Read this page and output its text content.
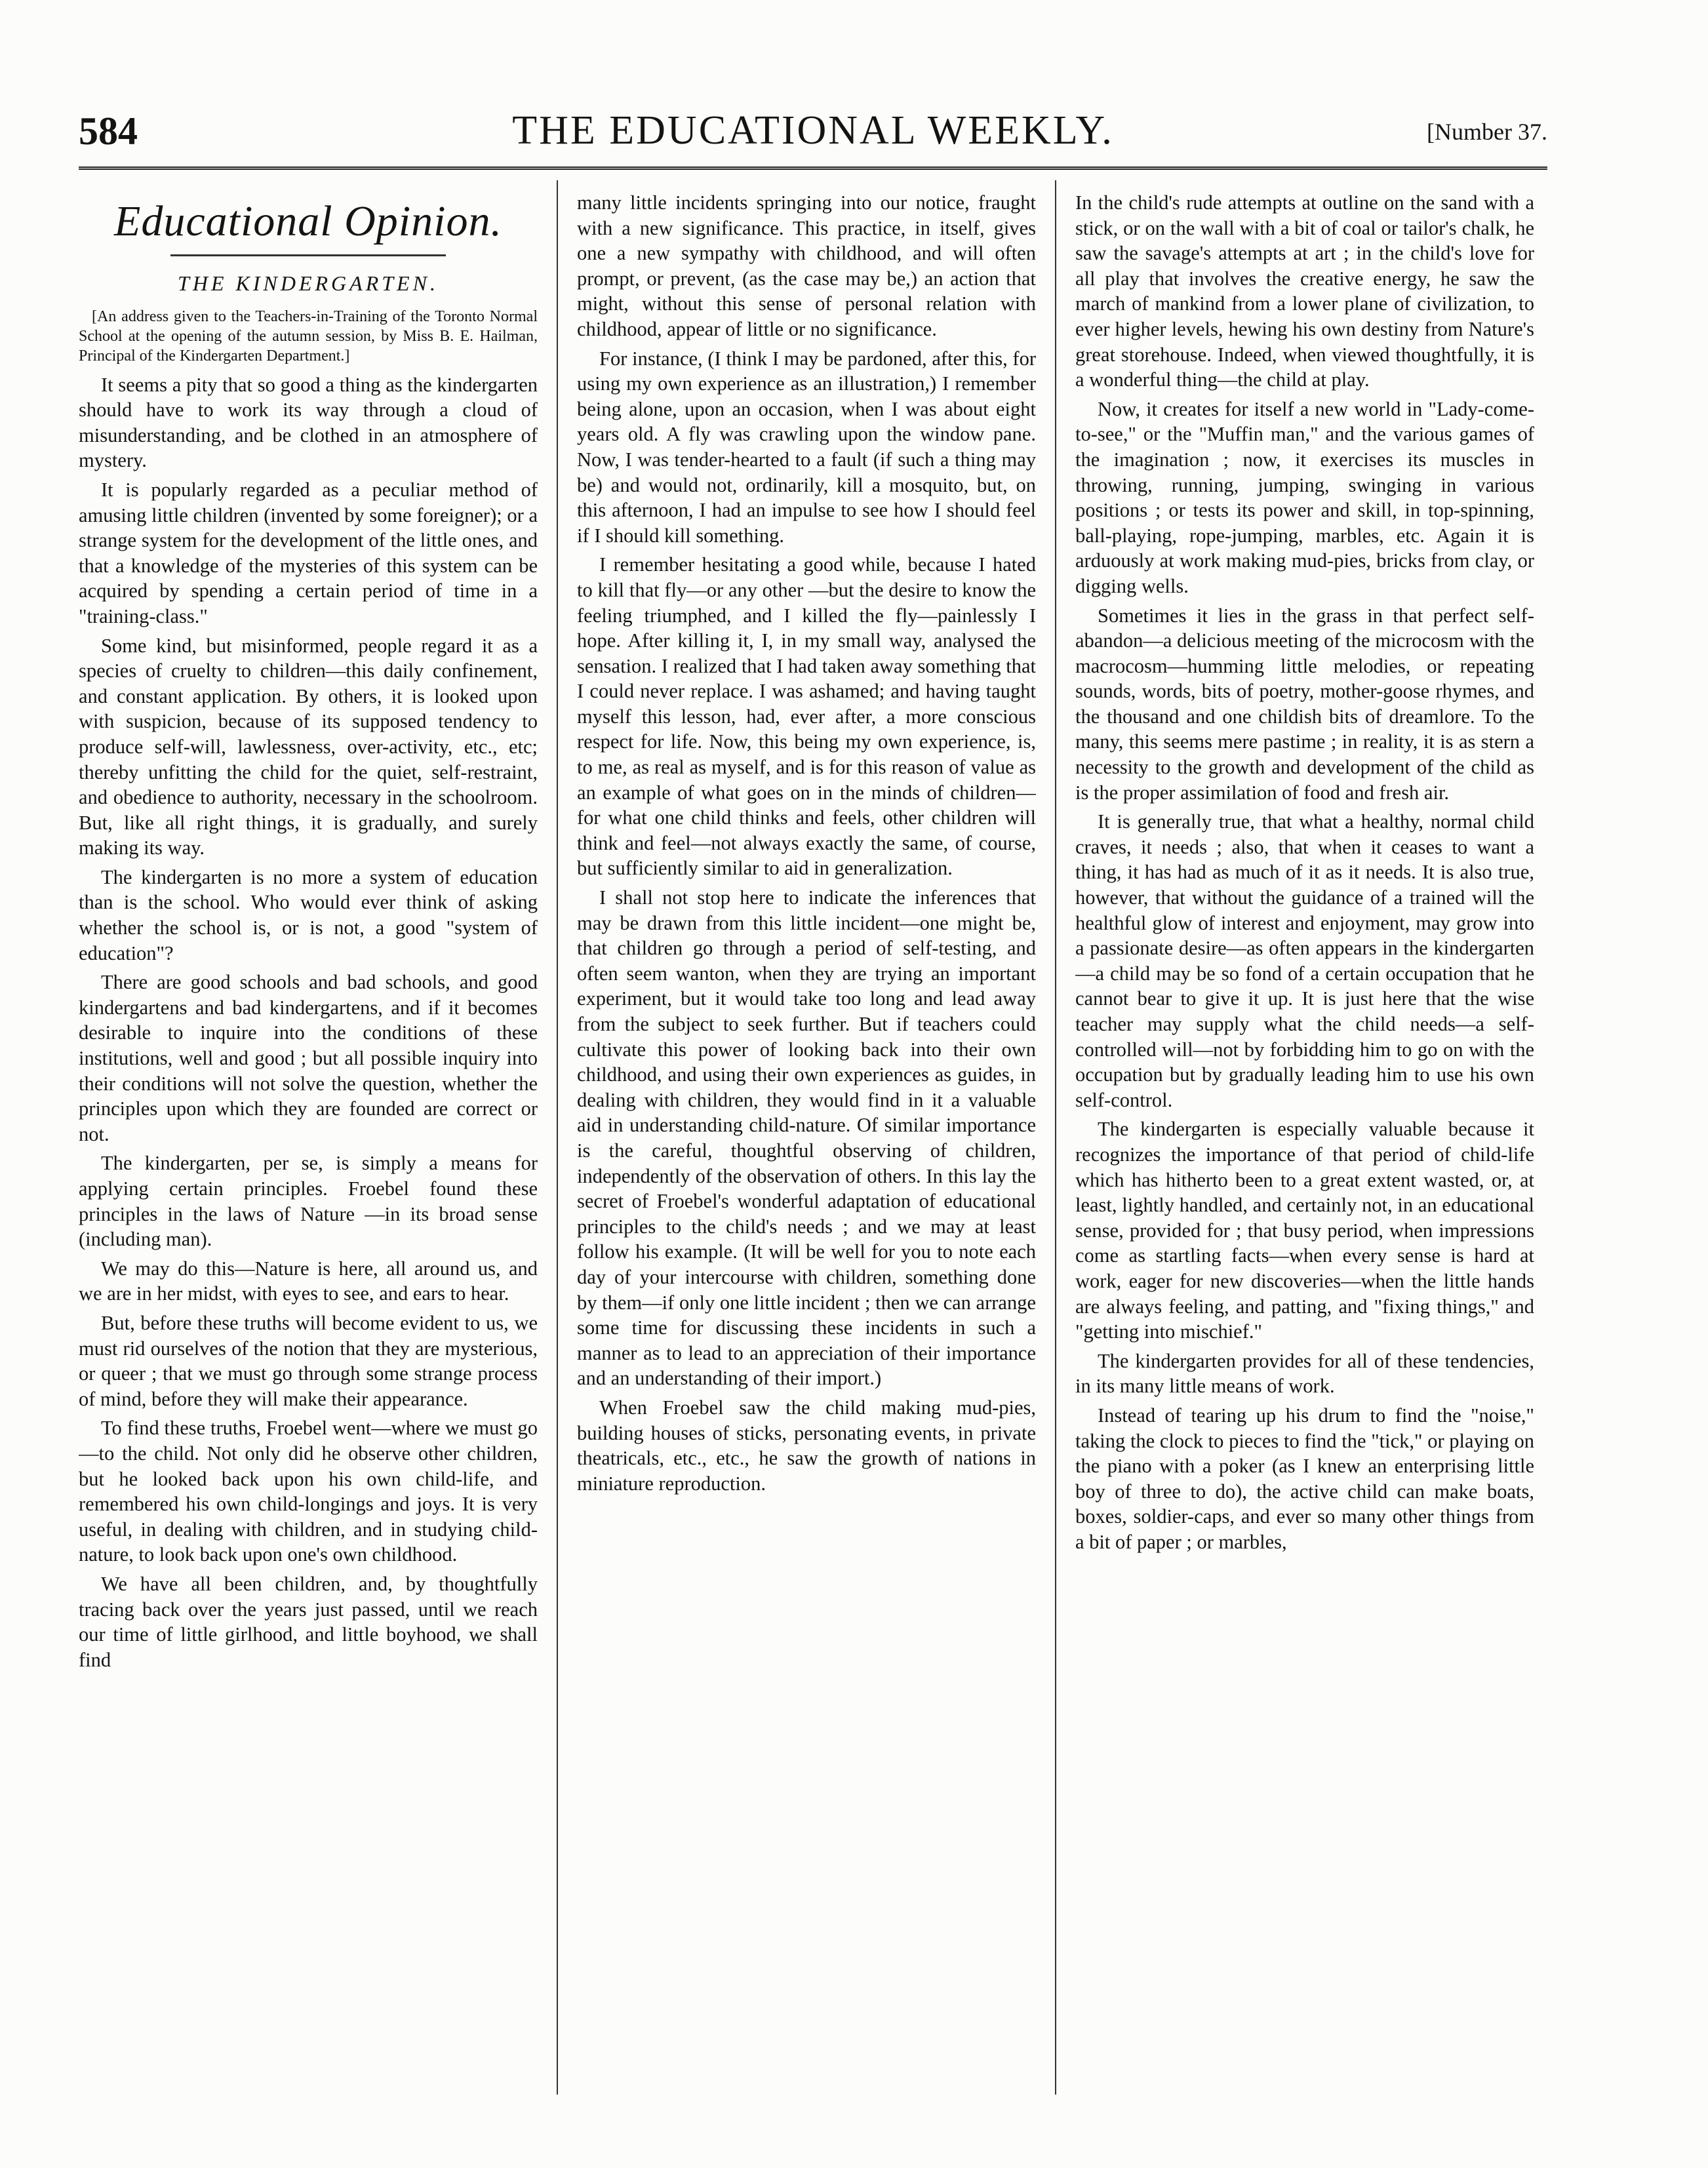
584	THE EDUCATIONAL WEEKLY.	[Number 37.
Educational Opinion.
THE KINDERGARTEN.
[An address given to the Teachers-in-Training of the Toronto Normal School at the opening of the autumn session, by Miss B. E. Hailman, Principal of the Kindergarten Department.]

It seems a pity that so good a thing as the kindergarten should have to work its way through a cloud of misunderstanding, and be clothed in an atmosphere of mystery.

It is popularly regarded as a peculiar method of amusing little children (invented by some foreigner); or a strange system for the development of the little ones, and that a knowledge of the mysteries of this system can be acquired by spending a certain period of time in a "training-class."

Some kind, but misinformed, people regard it as a species of cruelty to children—this daily confinement, and constant application. By others, it is looked upon with suspicion, because of its supposed tendency to produce self-will, lawlessness, over-activity, etc., etc; thereby unfitting the child for the quiet, self-restraint, and obedience to authority, necessary in the schoolroom. But, like all right things, it is gradually, and surely making its way.

The kindergarten is no more a system of education than is the school. Who would ever think of asking whether the school is, or is not, a good "system of education"?

There are good schools and bad schools, and good kindergartens and bad kindergartens, and if it becomes desirable to inquire into the conditions of these institutions, well and good ; but all possible inquiry into their conditions will not solve the question, whether the principles upon which they are founded are correct or not.

The kindergarten, per se, is simply a means for applying certain principles. Froebel found these principles in the laws of Nature —in its broad sense (including man).

We may do this—Nature is here, all around us, and we are in her midst, with eyes to see, and ears to hear.

But, before these truths will become evident to us, we must rid ourselves of the notion that they are mysterious, or queer ; that we must go through some strange process of mind, before they will make their appearance.

To find these truths, Froebel went—where we must go—to the child. Not only did he observe other children, but he looked back upon his own child-life, and remembered his own child-longings and joys. It is very useful, in dealing with children, and in studying child-nature, to look back upon one's own childhood.

We have all been children, and, by thoughtfully tracing back over the years just passed, until we reach our time of little girlhood, and little boyhood, we shall find

many little incidents springing into our notice, fraught with a new significance. This practice, in itself, gives one a new sympathy with childhood, and will often prompt, or prevent, (as the case may be,) an action that might, without this sense of personal relation with childhood, appear of little or no significance.

For instance, (I think I may be pardoned, after this, for using my own experience as an illustration,) I remember being alone, upon an occasion, when I was about eight years old. A fly was crawling upon the window pane. Now, I was tender-hearted to a fault (if such a thing may be) and would not, ordinarily, kill a mosquito, but, on this afternoon, I had an impulse to see how I should feel if I should kill something.

I remember hesitating a good while, because I hated to kill that fly—or any other —but the desire to know the feeling triumphed, and I killed the fly—painlessly I hope. After killing it, I, in my small way, analysed the sensation. I realized that I had taken away something that I could never replace. I was ashamed; and having taught myself this lesson, had, ever after, a more conscious respect for life. Now, this being my own experience, is, to me, as real as myself, and is for this reason of value as an example of what goes on in the minds of children—for what one child thinks and feels, other children will think and feel—not always exactly the same, of course, but sufficiently similar to aid in generalization.

I shall not stop here to indicate the inferences that may be drawn from this little incident—one might be, that children go through a period of self-testing, and often seem wanton, when they are trying an important experiment, but it would take too long and lead away from the subject to seek further. But if teachers could cultivate this power of looking back into their own childhood, and using their own experiences as guides, in dealing with children, they would find in it a valuable aid in understanding child-nature. Of similar importance is the careful, thoughtful observing of children, independently of the observation of others. In this lay the secret of Froebel's wonderful adaptation of educational principles to the child's needs ; and we may at least follow his example. (It will be well for you to note each day of your intercourse with children, something done by them—if only one little incident ; then we can arrange some time for discussing these incidents in such a manner as to lead to an appreciation of their importance and an understanding of their import.)

When Froebel saw the child making mud-pies, building houses of sticks, personating events, in private theatricals, etc., etc., he saw the growth of nations in miniature reproduction.

In the child's rude attempts at outline on the sand with a stick, or on the wall with a bit of coal or tailor's chalk, he saw the savage's attempts at art ; in the child's love for all play that involves the creative energy, he saw the march of mankind from a lower plane of civilization, to ever higher levels, hewing his own destiny from Nature's great storehouse. Indeed, when viewed thoughtfully, it is a wonderful thing—the child at play.

Now, it creates for itself a new world in "Lady-come-to-see," or the "Muffin man," and the various games of the imagination ; now, it exercises its muscles in throwing, running, jumping, swinging in various positions ; or tests its power and skill, in top-spinning, ball-playing, rope-jumping, marbles, etc. Again it is arduously at work making mud-pies, bricks from clay, or digging wells.

Sometimes it lies in the grass in that perfect self-abandon—a delicious meeting of the microcosm with the macrocosm—humming little melodies, or repeating sounds, words, bits of poetry, mother-goose rhymes, and the thousand and one childish bits of dreamlore. To the many, this seems mere pastime ; in reality, it is as stern a necessity to the growth and development of the child as is the proper assimilation of food and fresh air.

It is generally true, that what a healthy, normal child craves, it needs ; also, that when it ceases to want a thing, it has had as much of it as it needs. It is also true, however, that without the guidance of a trained will the healthful glow of interest and enjoyment, may grow into a passionate desire—as often appears in the kindergarten—a child may be so fond of a certain occupation that he cannot bear to give it up. It is just here that the wise teacher may supply what the child needs—a self-controlled will—not by forbidding him to go on with the occupation but by gradually leading him to use his own self-control.

The kindergarten is especially valuable because it recognizes the importance of that period of child-life which has hitherto been to a great extent wasted, or, at least, lightly handled, and certainly not, in an educational sense, provided for ; that busy period, when impressions come as startling facts—when every sense is hard at work, eager for new discoveries—when the little hands are always feeling, and patting, and "fixing things," and "getting into mischief."

The kindergarten provides for all of these tendencies, in its many little means of work.

Instead of tearing up his drum to find the "noise," taking the clock to pieces to find the "tick," or playing on the piano with a poker (as I knew an enterprising little boy of three to do), the active child can make boats, boxes, soldier-caps, and ever so many other things from a bit of paper ; or marbles,
